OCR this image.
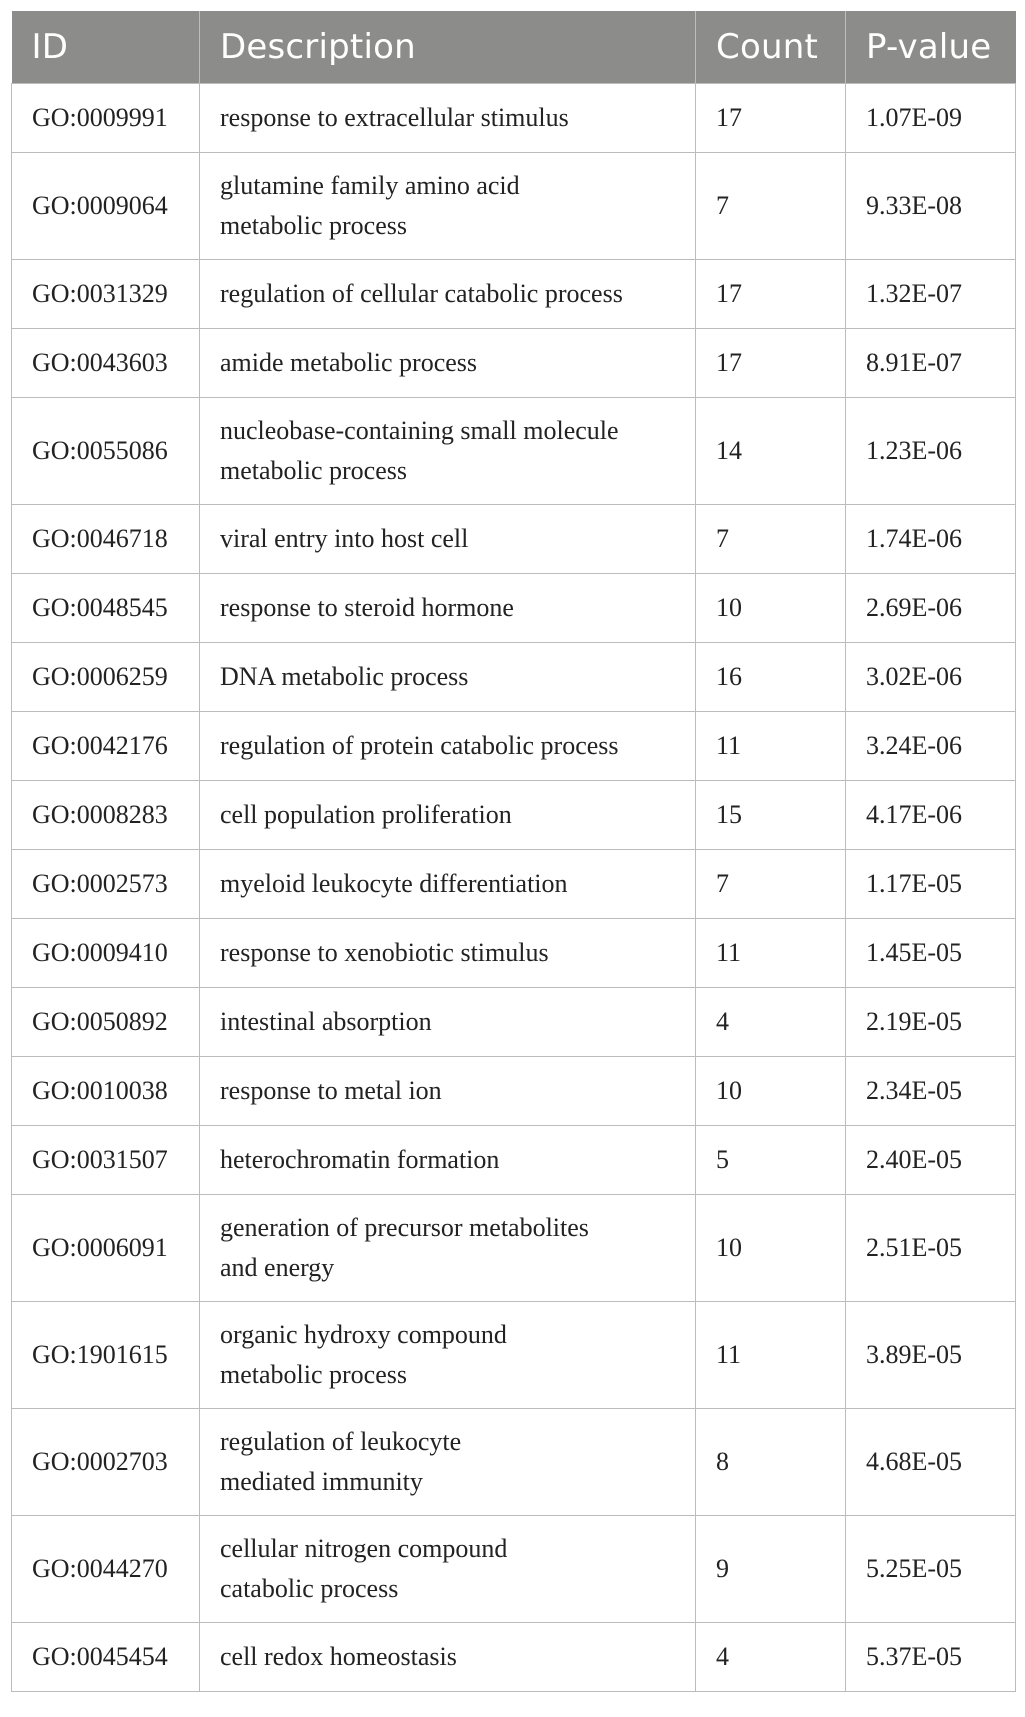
ID	Description	Count	P-value
GO:0009991	response to extracellular stimulus	17	1.07E-09
GO:0009064	glutamine family amino acid
metabolic process	7	9.33E-08
GO:0031329	regulation of cellular catabolic process	17	1.32E-07
GO:0043603	amide metabolic process	17	8.91E-07
GO:0055086	nucleobase-containing small molecule
metabolic process	14	1.23E-06
GO:0046718	viral entry into host cell	7	1.74E-06
GO:0048545	response to steroid hormone	10	2.69E-06
GO:0006259	DNA metabolic process	16	3.02E-06
GO:0042176	regulation of protein catabolic process	11	3.24E-06
GO:0008283	cell population proliferation	15	4.17E-06
GO:0002573	myeloid leukocyte differentiation	7	1.17E-05
GO:0009410	response to xenobiotic stimulus	11	1.45E-05
GO:0050892	intestinal absorption	4	2.19E-05
GO:0010038	response to metal ion	10	2.34E-05
GO:0031507	heterochromatin formation	5	2.40E-05
GO:0006091	generation of precursor metabolites
and energy	10	2.51E-05
GO:1901615	organic hydroxy compound
metabolic process	11	3.89E-05
GO:0002703	regulation of leukocyte
mediated immunity	8	4.68E-05
GO:0044270	cellular nitrogen compound
catabolic process	9	5.25E-05
GO:0045454	cell redox homeostasis	4	5.37E-05
